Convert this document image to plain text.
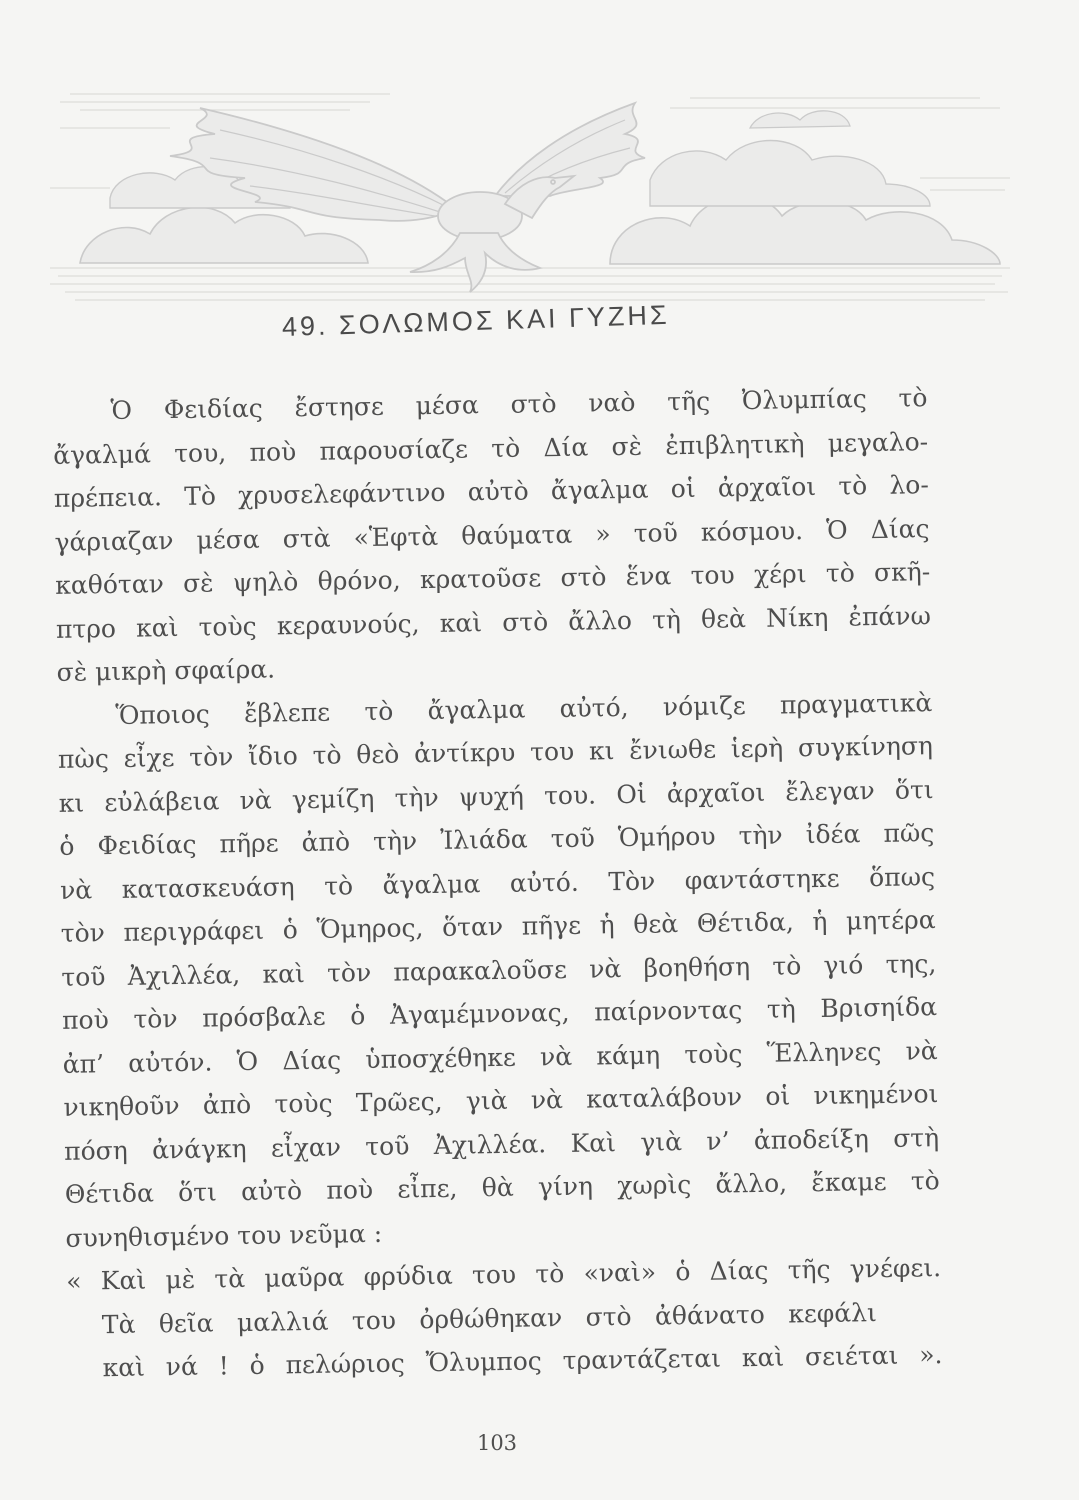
49. ΣΟΛΩΜΟΣ ΚΑΙ ΓΥΖΗΣ
Ὁ Φειδίας ἔστησε μέσα στὸ ναὸ τῆς Ὀλυμπίας τὸ
ἄγαλμά του, ποὺ παρουσίαζε τὸ Δία σὲ ἐπιβλητικὴ μεγαλο-
πρέπεια. Τὸ χρυσελεφάντινο αὐτὸ ἄγαλμα οἱ ἀρχαῖοι τὸ λο-
γάριαζαν μέσα στὰ «Ἑφτὰ θαύματα » τοῦ κόσμου. Ὁ Δίας
καθόταν σὲ ψηλὸ θρόνο, κρατοῦσε στὸ ἕνα του χέρι τὸ σκῆ-
πτρο καὶ τοὺς κεραυνούς, καὶ στὸ ἄλλο τὴ θεὰ Νίκη ἐπάνω
σὲ μικρὴ σφαίρα.
Ὅποιος ἔβλεπε τὸ ἄγαλμα αὐτό, νόμιζε πραγματικὰ
πὼς εἶχε τὸν ἴδιο τὸ θεὸ ἀντίκρυ του κι ἔνιωθε ἱερὴ συγκίνηση
κι εὐλάβεια νὰ γεμίζη τὴν ψυχή του. Οἱ ἀρχαῖοι ἔλεγαν ὅτι
ὁ Φειδίας πῆρε ἀπὸ τὴν Ἰλιάδα τοῦ Ὁμήρου τὴν ἰδέα πῶς
νὰ κατασκευάση τὸ ἄγαλμα αὐτό. Τὸν φαντάστηκε ὅπως
τὸν περιγράφει ὁ Ὅμηρος, ὅταν πῆγε ἡ θεὰ Θέτιδα, ἡ μητέρα
τοῦ Ἀχιλλέα, καὶ τὸν παρακαλοῦσε νὰ βοηθήση τὸ γιό της,
ποὺ τὸν πρόσβαλε ὁ Ἀγαμέμνονας, παίρνοντας τὴ Βρισηίδα
ἀπ’ αὐτόν. Ὁ Δίας ὑποσχέθηκε νὰ κάμη τοὺς Ἕλληνες νὰ
νικηθοῦν ἀπὸ τοὺς Τρῶες, γιὰ νὰ καταλάβουν οἱ νικημένοι
πόση ἀνάγκη εἶχαν τοῦ Ἀχιλλέα. Καὶ γιὰ ν’ ἀποδείξη στὴ
Θέτιδα ὅτι αὐτὸ ποὺ εἶπε, θὰ γίνη χωρὶς ἄλλο, ἔκαμε τὸ
συνηθισμένο του νεῦμα :
« Καὶ μὲ τὰ μαῦρα φρύδια του τὸ «ναὶ» ὁ Δίας τῆς γνέφει.
Τὰ θεῖα μαλλιά του ὀρθώθηκαν στὸ ἀθάνατο κεφάλι
καὶ νά ! ὁ πελώριος Ὄλυμπος τραντάζεται καὶ σειέται ».
103
